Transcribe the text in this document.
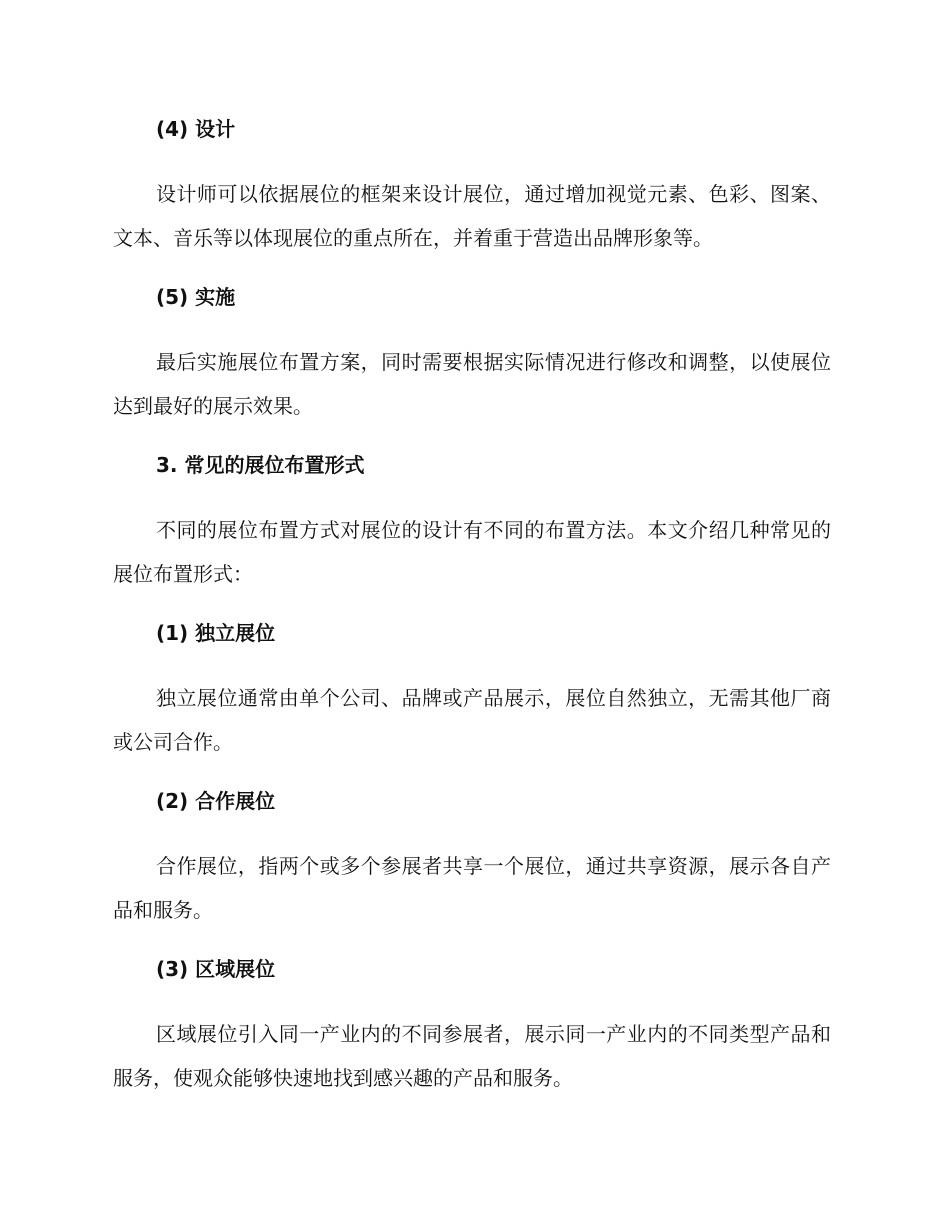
(4) 设计

设计师可以依据展位的框架来设计展位，通过增加视觉元素、色彩、图案、文本、音乐等以体现展位的重点所在，并着重于营造出品牌形象等。

(5) 实施

最后实施展位布置方案，同时需要根据实际情况进行修改和调整，以使展位达到最好的展示效果。

3. 常见的展位布置形式

不同的展位布置方式对展位的设计有不同的布置方法。本文介绍几种常见的展位布置形式：

(1) 独立展位

独立展位通常由单个公司、品牌或产品展示，展位自然独立，无需其他厂商或公司合作。

(2) 合作展位

合作展位，指两个或多个参展者共享一个展位，通过共享资源，展示各自产品和服务。

(3) 区域展位

区域展位引入同一产业内的不同参展者，展示同一产业内的不同类型产品和服务，使观众能够快速地找到感兴趣的产品和服务。
